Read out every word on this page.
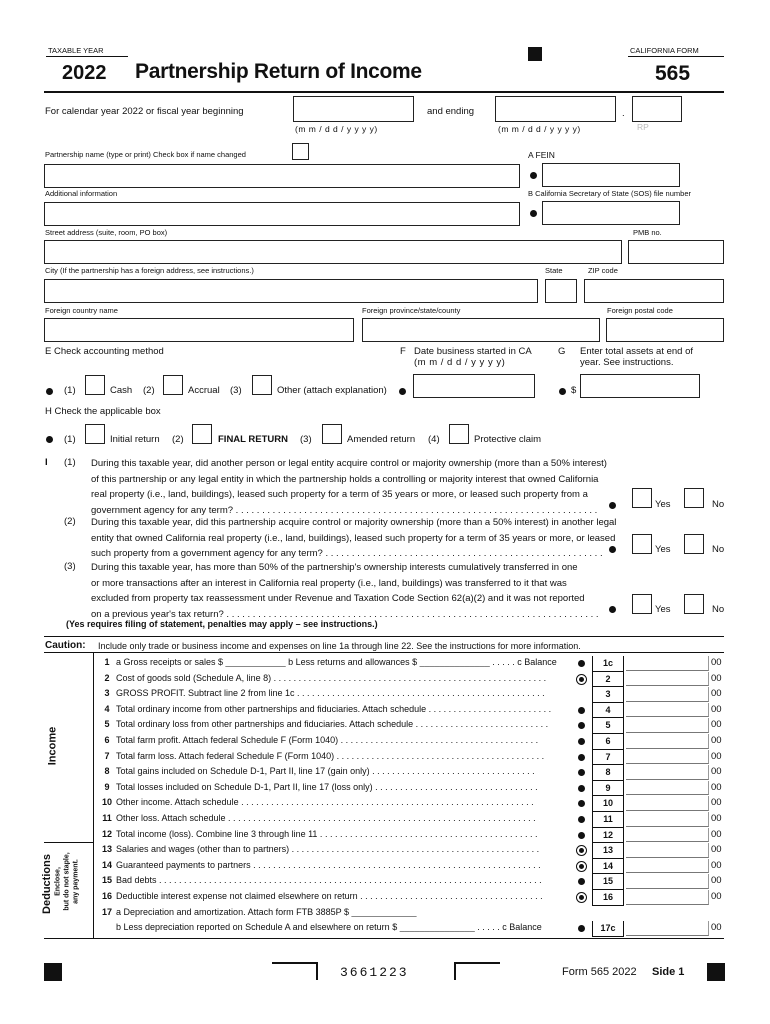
TAXABLE YEAR	CALIFORNIA FORM
2022 Partnership Return of Income	565
For calendar year 2022 or fiscal year beginning
(m m / d d / y y y y)
and ending
(m m / d d / y y y y)
.
RP
Partnership name (type or print) Check box if name changed	A FEIN
Additional information	B California Secretary of State (SOS) file number
Street address (suite, room, PO box)	PMB no.
City (If the partnership has a foreign address, see instructions.)	State	ZIP code
Foreign country name	Foreign province/state/county	Foreign postal code
E Check accounting method	F Date business started in CA
(m m / d d / y y y y)
G Enter total assets at end of
year. See instructions.
(1)	Cash (2)	Accrual (3)	Other (attach explanation)	$
H Check the applicable box
(1)	Initial return (2)	FINAL RETURN (3)	Amended return (4)	Protective claim
I (1) During this taxable year, did another person or legal entity acquire control or majority ownership (more than a 50% interest)
of this partnership or any legal entity in which the partnership holds a controlling or majority interest that owned California
real property (i.e., land, buildings), leased such property for a term of 35 years or more, or leased such property from a
government agency for any term? . . . . . . . . . . . . . . . . . . . . . . . . . . . . . . . . . . . . . . . . . . . . . . . . . . . . . . . . . . . . . . . . . . . . .	Yes	No
(2) During this taxable year, did this partnership acquire control or majority ownership (more than a 50% interest) in another legal
entity that owned California real property (i.e., land, buildings), leased such property for a term of 35 years or more, or leased
such property from a government agency for any term? . . . . . . . . . . . . . . . . . . . . . . . . . . . . . . . . . . . . . . . . . . . . . . . . . . . . .	Yes	No
(3) During this taxable year, has more than 50% of the partnership's ownership interests cumulatively transferred in one
or more transactions after an interest in California real property (i.e., land, buildings) was transferred to it that was
excluded from property tax reassessment under Revenue and Taxation Code Section 62(a)(2) and it was not reported
on a previous year's tax return? . . . . . . . . . . . . . . . . . . . . . . . . . . . . . . . . . . . . . . . . . . . . . . . . . . . . . . . . . . . . . . . . . . . . . . .	Yes	No
(Yes requires filing of statement, penalties may apply – see instructions.)
Caution: Include only trade or business income and expenses on line 1a through line 22. See the instructions for more information.
Income
Deductions Enclose, but do not staple, any payment.
1 a Gross receipts or sales $ ____________ b Less returns and allowances $ ______________ . . . . . c Balance	1c	00
2 Cost of goods sold (Schedule A, line 8) . . . . . . . . . . . . . . . . . . . . . . . . . . . . . . . . . . . . . . . . . . . . . . . . . . . . . . .	2	00
3 GROSS PROFIT. Subtract line 2 from line 1c . . . . . . . . . . . . . . . . . . . . . . . . . . . . . . . . . . . . . . . . . . . . . . . . . .	3	00
4 Total ordinary income from other partnerships and fiduciaries. Attach schedule . . . . . . . . . . . . . . . . . . . . . . . . .	4	00
5 Total ordinary loss from other partnerships and fiduciaries. Attach schedule . . . . . . . . . . . . . . . . . . . . . . . . . . .	5	00
6 Total farm profit. Attach federal Schedule F (Form 1040) . . . . . . . . . . . . . . . . . . . . . . . . . . . . . . . . . . . . . . . .	6	00
7 Total farm loss. Attach federal Schedule F (Form 1040) . . . . . . . . . . . . . . . . . . . . . . . . . . . . . . . . . . . . . . . . . .	7	00
8 Total gains included on Schedule D-1, Part II, line 17 (gain only) . . . . . . . . . . . . . . . . . . . . . . . . . . . . . . . . .	8	00
9 Total losses included on Schedule D-1, Part II, line 17 (loss only) . . . . . . . . . . . . . . . . . . . . . . . . . . . . . . . . .	9	00
10 Other income. Attach schedule . . . . . . . . . . . . . . . . . . . . . . . . . . . . . . . . . . . . . . . . . . . . . . . . . . . . . . . . . . .	10	00
11 Other loss. Attach schedule . . . . . . . . . . . . . . . . . . . . . . . . . . . . . . . . . . . . . . . . . . . . . . . . . . . . . . . . . . . . . .	11	00
12 Total income (loss). Combine line 3 through line 11 . . . . . . . . . . . . . . . . . . . . . . . . . . . . . . . . . . . . . . . . . . . .	12	00
13 Salaries and wages (other than to partners) . . . . . . . . . . . . . . . . . . . . . . . . . . . . . . . . . . . . . . . . . . . . . . . . . .	13	00
14 Guaranteed payments to partners . . . . . . . . . . . . . . . . . . . . . . . . . . . . . . . . . . . . . . . . . . . . . . . . . . . . . . . . . .	14	00
15 Bad debts . . . . . . . . . . . . . . . . . . . . . . . . . . . . . . . . . . . . . . . . . . . . . . . . . . . . . . . . . . . . . . . . . . . . . . . . . . . . .	15	00
16 Deductible interest expense not claimed elsewhere on return . . . . . . . . . . . . . . . . . . . . . . . . . . . . . . . . . . . . .	16	00
17 a Depreciation and amortization. Attach form FTB 3885P $ _____________
b Less depreciation reported on Schedule A and elsewhere on return $ _______________ . . . . . c Balance	17c	00
3661223	Form 565 2022 Side 1
